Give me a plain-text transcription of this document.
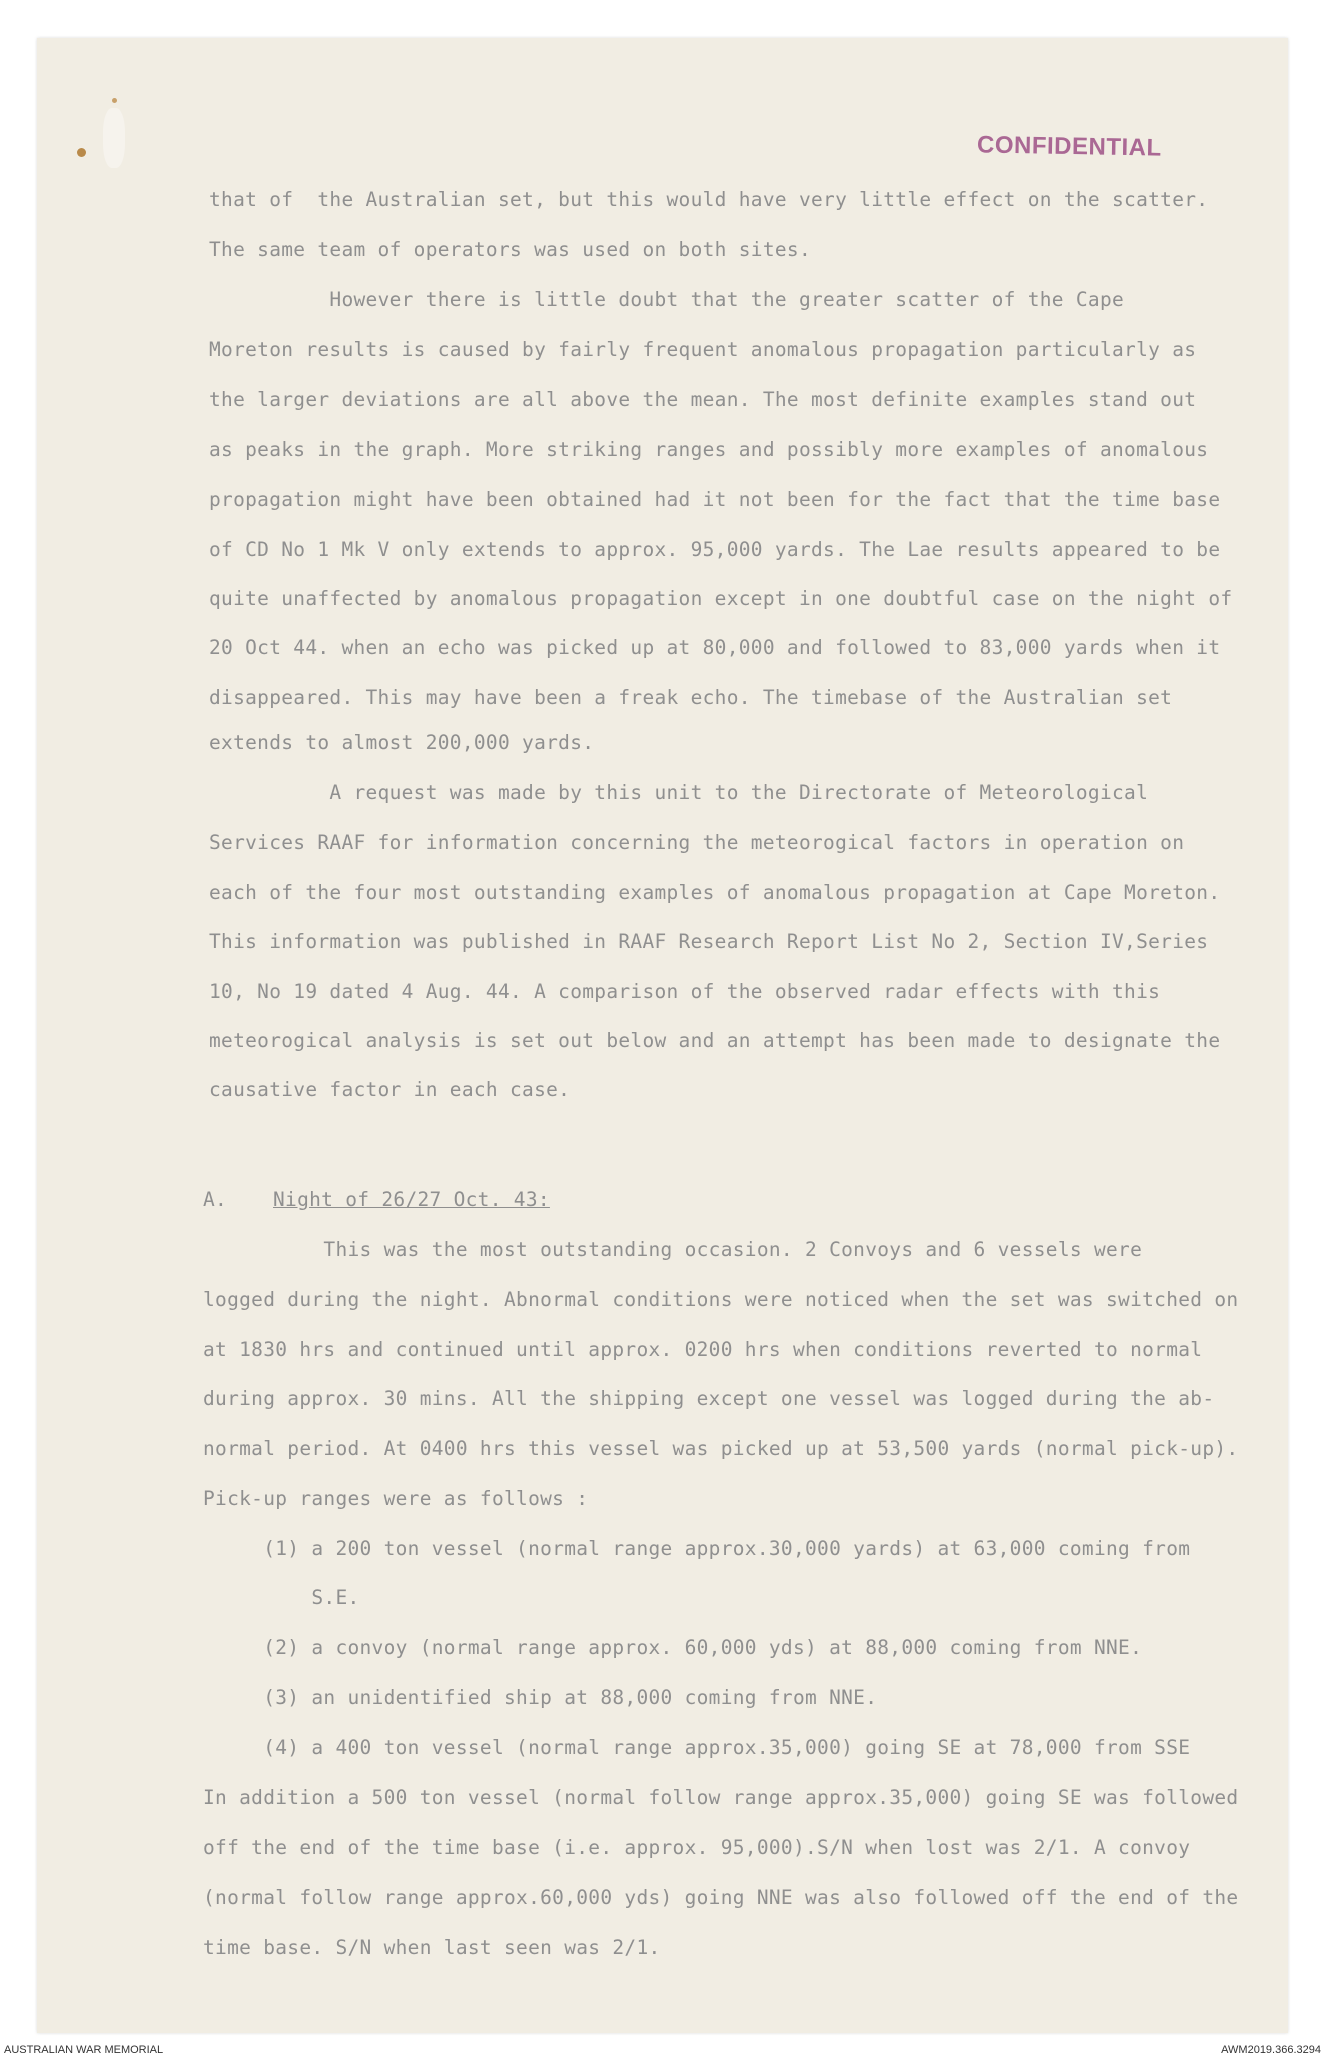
CONFIDENTIAL
that of  the Australian set, but this would have very little effect on the scatter.
The same team of operators was used on both sites.
However there is little doubt that the greater scatter of the Cape
Moreton results is caused by fairly frequent anomalous propagation particularly as
the larger deviations are all above the mean. The most definite examples stand out
as peaks in the graph. More striking ranges and possibly more examples of anomalous
propagation might have been obtained had it not been for the fact that the time base
of CD No 1 Mk V only extends to approx. 95,000 yards. The Lae results appeared to be
quite unaffected by anomalous propagation except in one doubtful case on the night of
20 Oct 44. when an echo was picked up at 80,000 and followed to 83,000 yards when it
disappeared. This may have been a freak echo. The timebase of the Australian set
extends to almost 200,000 yards.
A request was made by this unit to the Directorate of Meteorological
Services RAAF for information concerning the meteorogical factors in operation on
each of the four most outstanding examples of anomalous propagation at Cape Moreton.
This information was published in RAAF Research Report List No 2, Section IV,Series
10, No 19 dated 4 Aug. 44. A comparison of the observed radar effects with this
meteorogical analysis is set out below and an attempt has been made to designate the
causative factor in each case.
A. Night of 26/27 Oct. 43:
This was the most outstanding occasion. 2 Convoys and 6 vessels were
logged during the night. Abnormal conditions were noticed when the set was switched on
at 1830 hrs and continued until approx. 0200 hrs when conditions reverted to normal
during approx. 30 mins. All the shipping except one vessel was logged during the ab-
normal period. At 0400 hrs this vessel was picked up at 53,500 yards (normal pick-up).
Pick-up ranges were as follows :
(1) a 200 ton vessel (normal range approx.30,000 yards) at 63,000 coming from
S.E.
(2) a convoy (normal range approx. 60,000 yds) at 88,000 coming from NNE.
(3) an unidentified ship at 88,000 coming from NNE.
(4) a 400 ton vessel (normal range approx.35,000) going SE at 78,000 from SSE
In addition a 500 ton vessel (normal follow range approx.35,000) going SE was followed
off the end of the time base (i.e. approx. 95,000).S/N when lost was 2/1. A convoy
(normal follow range approx.60,000 yds) going NNE was also followed off the end of the
time base. S/N when last seen was 2/1.
AUSTRALIAN WAR MEMORIAL	AWM2019.366.3294
